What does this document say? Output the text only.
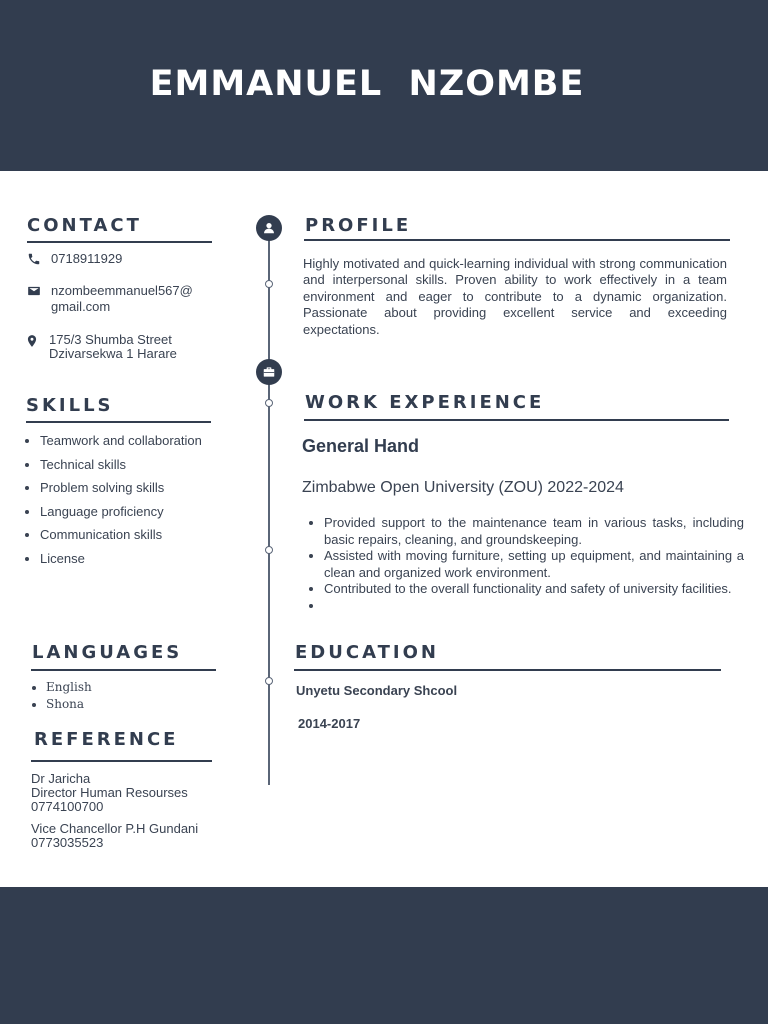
EMMANUEL  NZOMBE
CONTACT
0718911929
nzombeemmanuel567@
gmail.com
175/3 Shumba Street
Dzivarsekwa 1 Harare
SKILLS
• Teamwork and collaboration
• Technical skills
• Problem solving skills
• Language proficiency
• Communication skills
• License
LANGUAGES
• English
• Shona
REFERENCE
Dr Jaricha
Director Human Resourses
0774100700
Vice Chancellor P.H Gundani
0773035523
PROFILE

Highly motivated and quick-learning individual with strong communication and interpersonal skills. Proven ability to work effectively in a team environment and eager to contribute to a dynamic organization. Passionate about providing excellent service and exceeding expectations.

WORK EXPERIENCE
General Hand
Zimbabwe Open University (ZOU) 2022-2024
• Provided support to the maintenance team in various tasks, including basic repairs, cleaning, and groundskeeping.
• Assisted with moving furniture, setting up equipment, and maintaining a clean and organized work environment.
• Contributed to the overall functionality and safety of university facilities.
•
EDUCATION
Unyetu Secondary Shcool
2014-2017
